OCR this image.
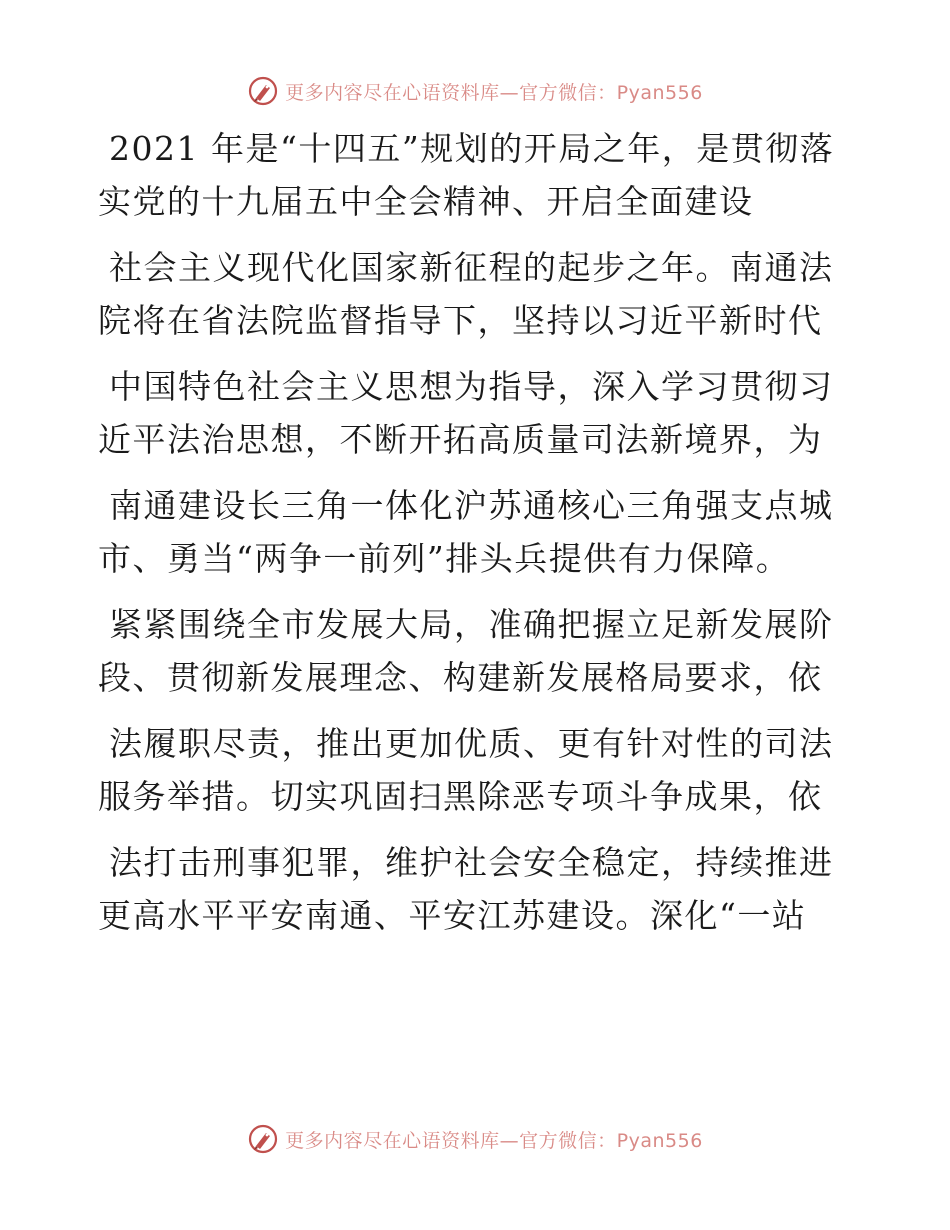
更多内容尽在心语资料库—官方微信：Pyan556
2021 年是“十四五”规划的开局之年，是贯彻落
实党的十九届五中全会精神、开启全面建设
社会主义现代化国家新征程的起步之年。南通法
院将在省法院监督指导下，坚持以习近平新时代
中国特色社会主义思想为指导，深入学习贯彻习
近平法治思想，不断开拓高质量司法新境界，为
南通建设长三角一体化沪苏通核心三角强支点城
市、勇当“两争一前列”排头兵提供有力保障。
紧紧围绕全市发展大局，准确把握立足新发展阶
段、贯彻新发展理念、构建新发展格局要求，依
法履职尽责，推出更加优质、更有针对性的司法
服务举措。切实巩固扫黑除恶专项斗争成果，依
法打击刑事犯罪，维护社会安全稳定，持续推进
更高水平平安南通、平安江苏建设。深化“一站
更多内容尽在心语资料库—官方微信：Pyan556
